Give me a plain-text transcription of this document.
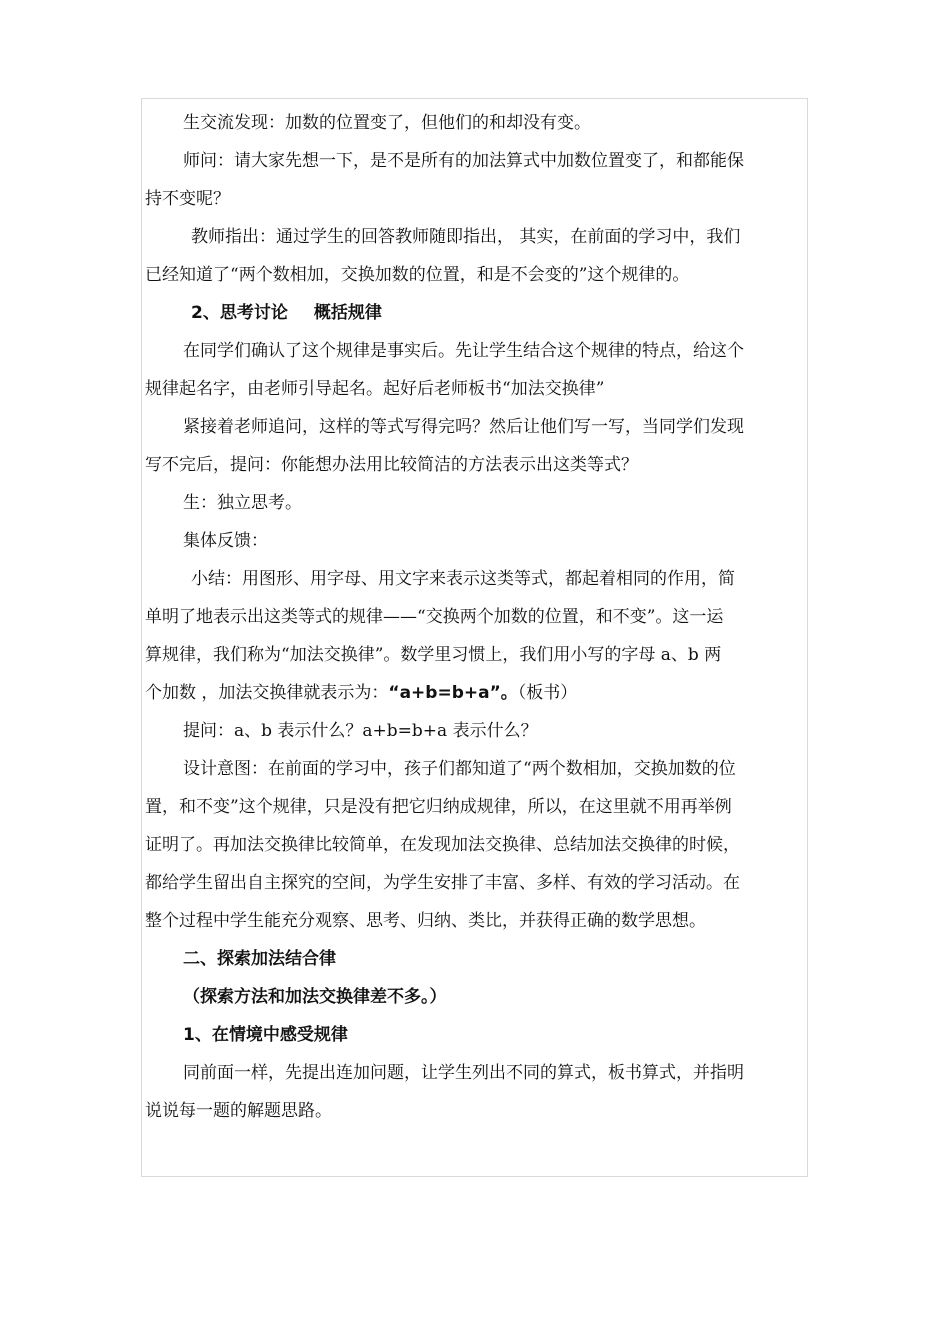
生交流发现：加数的位置变了，但他们的和却没有变。

师问：请大家先想一下，是不是所有的加法算式中加数位置变了，和都能保

持不变呢？

教师指出：通过学生的回答教师随即指出， 其实，在前面的学习中，我们

已经知道了“两个数相加，交换加数的位置，和是不会变的”这个规律的。

2、思考讨论 概括规律

在同学们确认了这个规律是事实后。先让学生结合这个规律的特点，给这个

规律起名字，由老师引导起名。起好后老师板书“加法交换律”

紧接着老师追问，这样的等式写得完吗？然后让他们写一写，当同学们发现

写不完后，提问：你能想办法用比较简洁的方法表示出这类等式？

生：独立思考。

集体反馈：

小结：用图形、用字母、用文字来表示这类等式，都起着相同的作用，简

单明了地表示出这类等式的规律——“交换两个加数的位置，和不变”。这一运

算规律，我们称为“加法交换律”。数学里习惯上，我们用小写的字母 a、b 两

个加数 ，加法交换律就表示为：“a+b=b+a”。（板书）

提问：a、b 表示什么？a+b=b+a 表示什么？

设计意图：在前面的学习中，孩子们都知道了“两个数相加，交换加数的位

置，和不变”这个规律，只是没有把它归纳成规律，所以，在这里就不用再举例

证明了。再加法交换律比较简单，在发现加法交换律、总结加法交换律的时候，

都给学生留出自主探究的空间，为学生安排了丰富、多样、有效的学习活动。在

整个过程中学生能充分观察、思考、归纳、类比，并获得正确的数学思想。

二、探索加法结合律

（探索方法和加法交换律差不多。）

1、在情境中感受规律

同前面一样，先提出连加问题，让学生列出不同的算式，板书算式，并指明

说说每一题的解题思路。
